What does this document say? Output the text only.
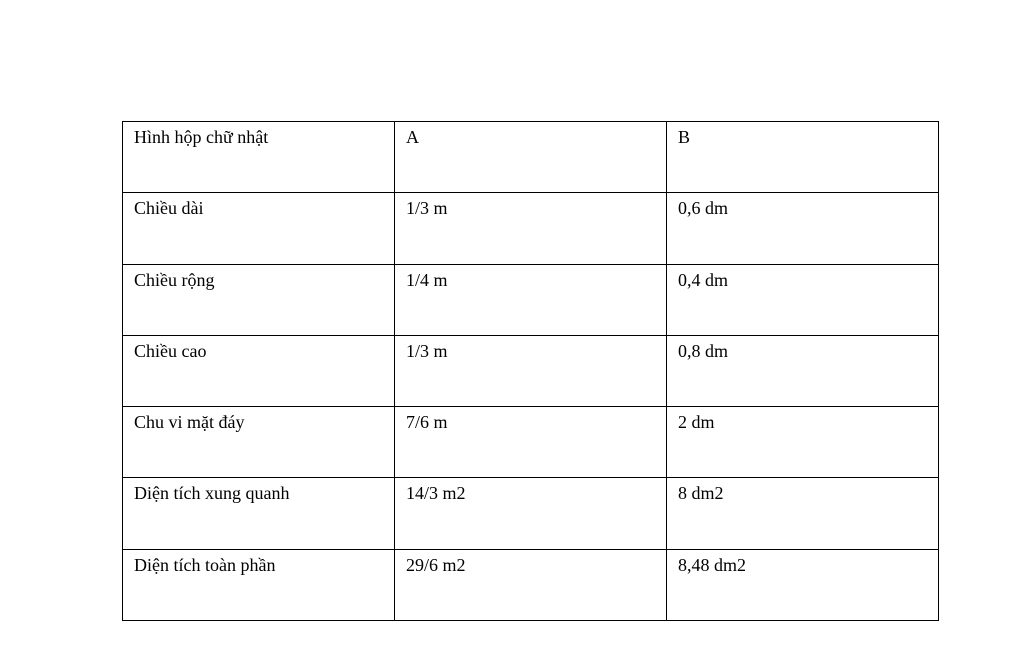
Hình hộp chữ nhật	A	B
Chiều dài	1/3 m	0,6 dm
Chiều rộng	1/4 m	0,4 dm
Chiều cao	1/3 m	0,8 dm
Chu vi mặt đáy	7/6 m	2 dm
Diện tích xung quanh	14/3 m2	8 dm2
Diện tích toàn phần	29/6 m2	8,48 dm2
